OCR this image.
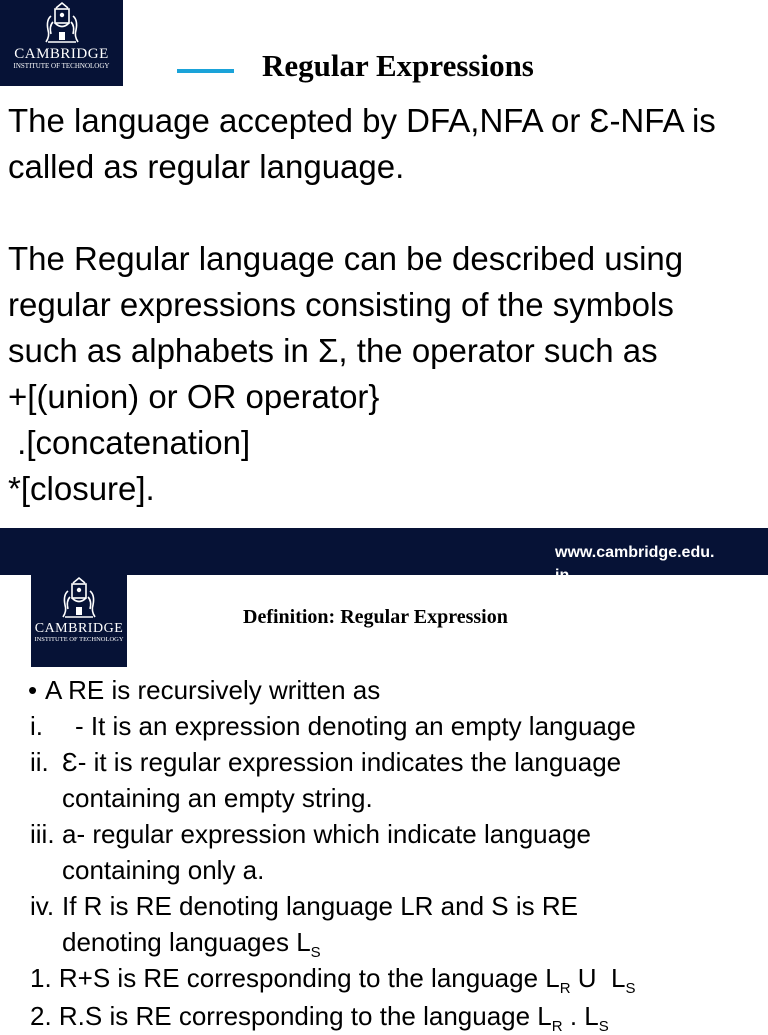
CAMBRIDGE
INSTITUTE OF TECHNOLOGY	Regular Expressions

The language accepted by DFA,NFA or Ɛ-NFA is

called as regular language.

The Regular language can be described using

regular expressions consisting of the symbols

such as alphabets in Σ, the operator such as

+[(union) or OR operator}

.[concatenation]

*[closure].

www.cambridge.edu.in
CAMBRIDGE
INSTITUTE OF TECHNOLOGY
Definition: Regular Expression
• A RE is recursively written as
i. - It is an expression denoting an empty language
ii. Ɛ- it is regular expression indicates the language
containing an empty string.
iii. a- regular expression which indicate language
containing only a.
iv. If R is RE denoting language LR and S is RE
denoting languages $L_S$
1. R+S is RE corresponding to the language $L_R$ U  $L_S$
2. R.S is RE corresponding to the language $L_R$ . $L_S$
